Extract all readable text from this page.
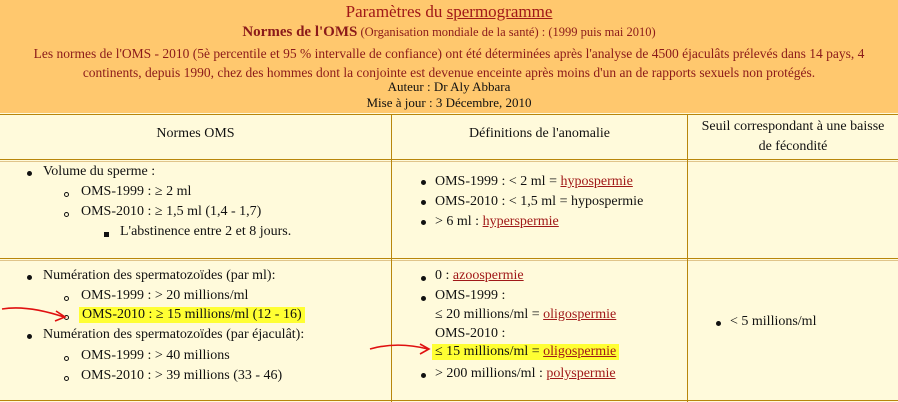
Paramètres du spermogramme
Normes de l'OMS (Organisation mondiale de la santé) : (1999 puis mai 2010)
Les normes de l'OMS - 2010 (5è percentile et 95 % intervalle de confiance) ont été déterminées après l'analyse de 4500 éjaculâts prélevés dans 14 pays, 4
continents, depuis 1990, chez des hommes dont la conjointe est devenue enceinte après moins d'un an de rapports sexuels non protégés.
Auteur : Dr Aly Abbara
Mise à jour : 3 Décembre, 2010
Normes OMS	Définitions de l'anomalie	Seuil correspondant à une baisse
de fécondité
Volume du sperme :
OMS-1999 : ≥ 2 ml
OMS-2010 : ≥ 1,5 ml (1,4 - 1,7)
L'abstinence entre 2 et 8 jours.
OMS-1999 : < 2 ml = hypospermie
OMS-2010 : < 1,5 ml = hypospermie
> 6 ml : hyperspermie
Numération des spermatozoïdes (par ml):
OMS-1999 : > 20 millions/ml
OMS-2010 : ≥ 15 millions/ml (12 - 16)
Numération des spermatozoïdes (par éjaculât):
OMS-1999 : > 40 millions
OMS-2010 : > 39 millions (33 - 46)
0 : azoospermie
OMS-1999 :
≤ 20 millions/ml = oligospermie
OMS-2010 :
≤ 15 millions/ml = oligospermie
> 200 millions/ml : polyspermie
< 5 millions/ml
